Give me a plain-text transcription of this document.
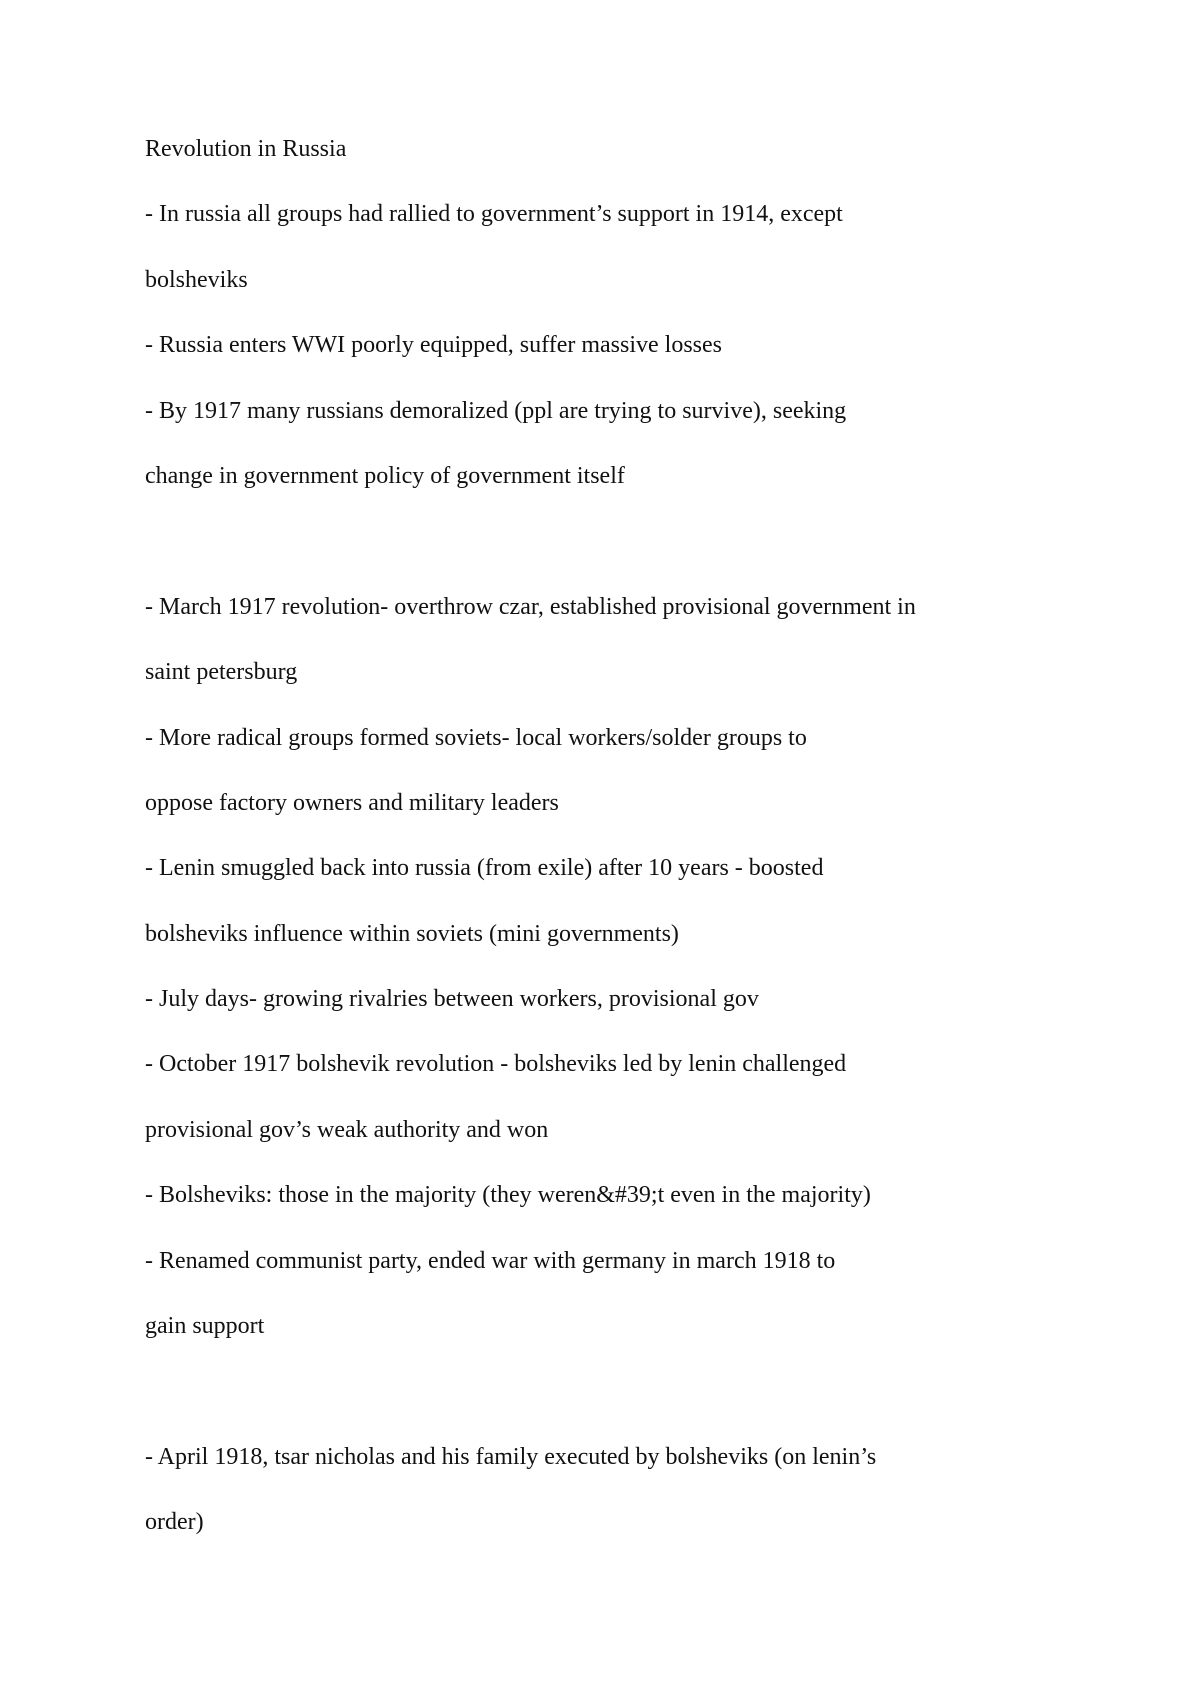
Revolution in Russia
- In russia all groups had rallied to government’s support in 1914, except
bolsheviks
- Russia enters WWI poorly equipped, suffer massive losses
- By 1917 many russians demoralized (ppl are trying to survive), seeking
change in government policy of government itself
- March 1917 revolution- overthrow czar, established provisional government in
saint petersburg
- More radical groups formed soviets- local workers/solder groups to
oppose factory owners and military leaders
- Lenin smuggled back into russia (from exile) after 10 years - boosted
bolsheviks influence within soviets (mini governments)
- July days- growing rivalries between workers, provisional gov
- October 1917 bolshevik revolution - bolsheviks led by lenin challenged
provisional gov’s weak authority and won
- Bolsheviks: those in the majority (they weren&#39;t even in the majority)
- Renamed communist party, ended war with germany in march 1918 to
gain support
- April 1918, tsar nicholas and his family executed by bolsheviks (on lenin’s
order)
